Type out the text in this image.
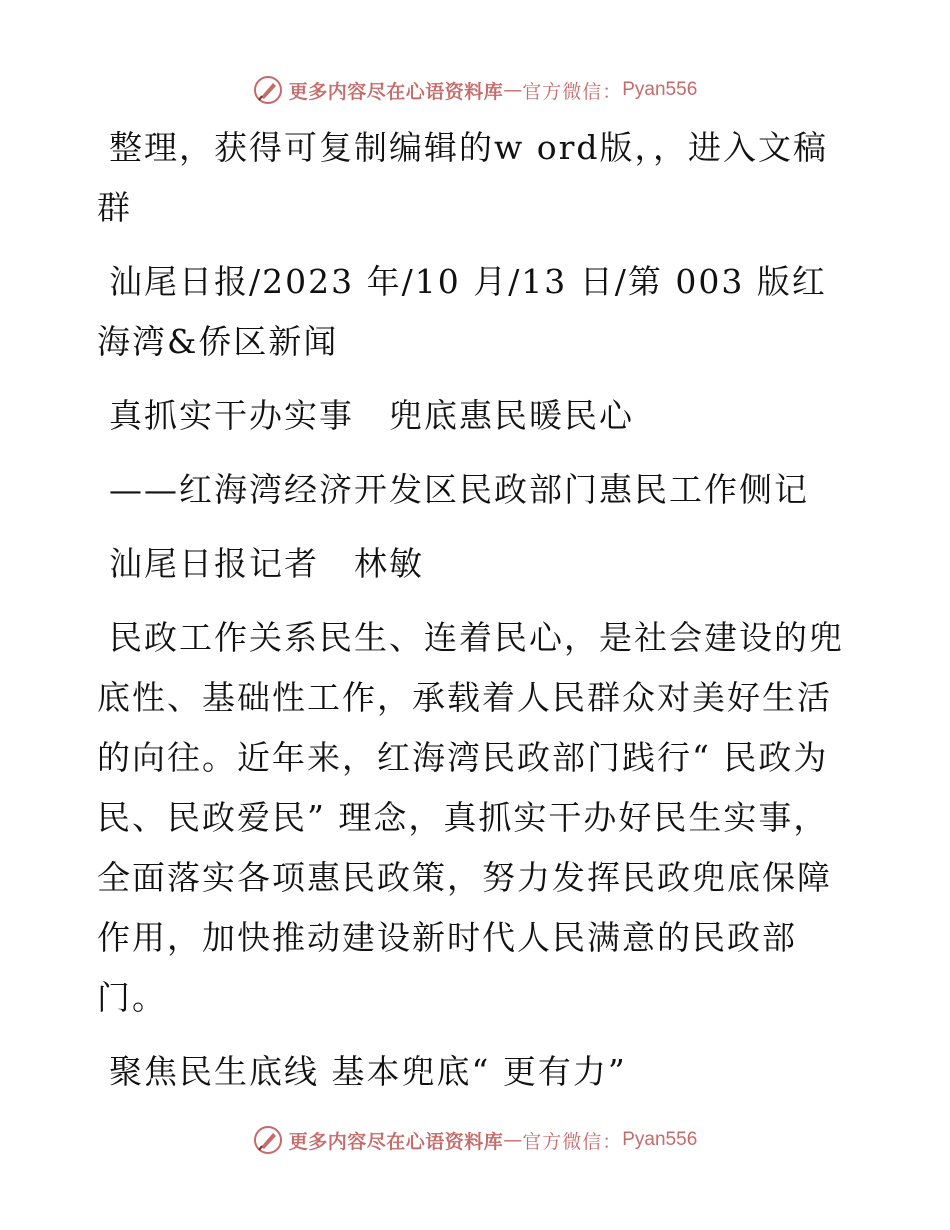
更多内容尽在心语资料库 — 官方微信： Pyan556

整理，获得可复制编辑的w ord版，，进入文稿群

汕尾日报/2023 年/10 月/13 日/第 003 版红海湾&侨区新闻

真抓实干办实事　兜底惠民暖民心

——红海湾经济开发区民政部门惠民工作侧记

汕尾日报记者　林敏

民政工作关系民生、连着民心，是社会建设的兜底性、基础性工作，承载着人民群众对美好生活的向往。近年来，红海湾民政部门践行“ 民政为民、民政爱民” 理念，真抓实干办好民生实事，全面落实各项惠民政策，努力发挥民政兜底保障作用，加快推动建设新时代人民满意的民政部门。

聚焦民生底线 基本兜底“ 更有力”

更多内容尽在心语资料库 — 官方微信： Pyan556
